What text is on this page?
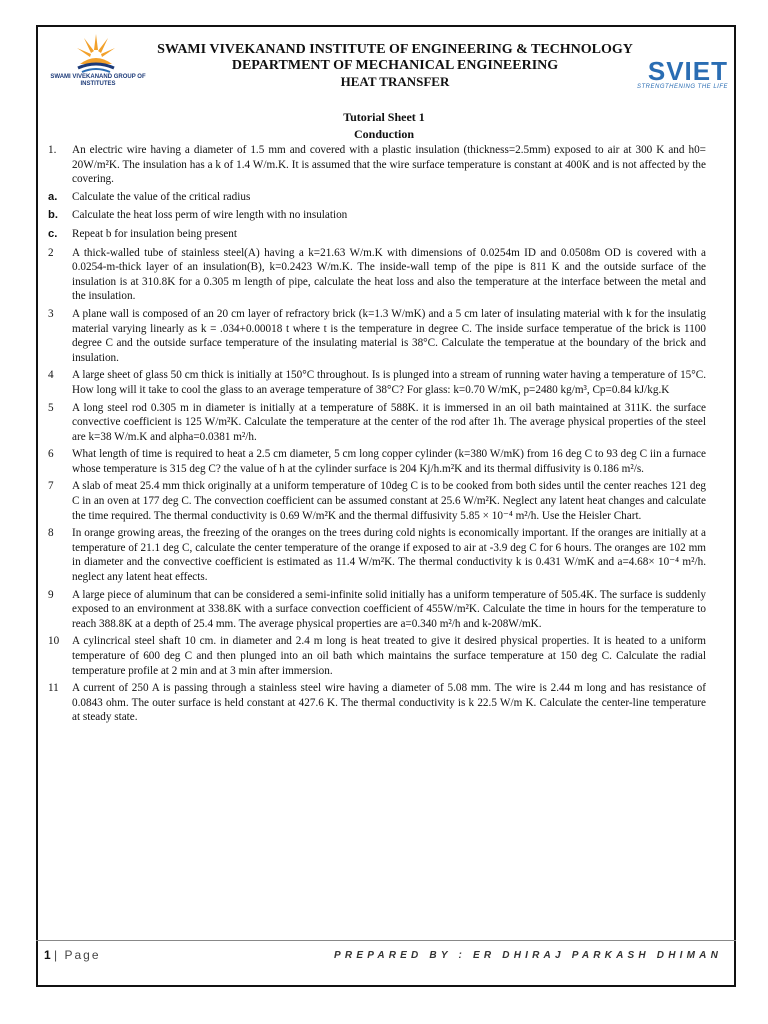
SWAMI VIVEKANAND GROUP OF INSTITUTES	SVIET
STRENGTHENING THE LIFE
SWAMI VIVEKANAND INSTITUTE OF ENGINEERING & TECHNOLOGY
DEPARTMENT OF MECHANICAL ENGINEERING
HEAT TRANSFER
Tutorial Sheet 1
Conduction
1.	An electric wire having a diameter of 1.5 mm and covered with a plastic insulation (thickness=2.5mm) exposed to air at 300 K and h0= 20W/m²K. The insulation has a k of 1.4 W/m.K. It is assumed that the wire surface temperature is constant at 400K and is not affected by the covering.
a.	Calculate the value of the critical radius
b.	Calculate the heat loss perm of wire length with no insulation
c.	Repeat b for insulation being present
2	A thick-walled tube of stainless steel(A) having a k=21.63 W/m.K with dimensions of 0.0254m ID and 0.0508m OD is covered with a 0.0254-m-thick layer of an insulation(B), k=0.2423 W/m.K. The inside-wall temp of the pipe is 811 K and the outside surface of the insulation is at 310.8K for a 0.305 m length of pipe, calculate the heat loss and also the temperature at the interface between the metal and the insulation.
3	A plane wall is composed of an 20 cm layer of refractory brick (k=1.3 W/mK) and a 5 cm later of insulating material with k for the insulatig material varying linearly as k = .034+0.00018 t where t is the temperature in degree C. The inside surface temperatue of the brick is 1100 degree C and the outside surface temperature of the insulating material is 38°C. Calculate the temperatue at the boundary of the brick and insulation.
4	A large sheet of glass 50 cm thick is initially at 150°C throughout. Is is plunged into a stream of running water having a temperature of 15°C. How long will it take to cool the glass to an average temperature of 38°C? For glass: k=0.70 W/mK, p=2480 kg/m³, Cp=0.84 kJ/kg.K
5	A long steel rod 0.305 m in diameter is initially at a temperature of 588K. it is immersed in an oil bath maintained at 311K. the surface convective coefficient is 125 W/m²K. Calculate the temperature at the center of the rod after 1h. The average physical properties of the steel are k=38 W/m.K and alpha=0.0381 m²/h.
6	What length of time is required to heat a 2.5 cm diameter, 5 cm long copper cylinder (k=380 W/mK) from 16 deg C to 93 deg C iin a furnace whose temperature is 315 deg C? the value of h at the cylinder surface is 204 Kj/h.m²K and its thermal diffusivity is 0.186 m²/s.
7	A slab of meat 25.4 mm thick originally at a uniform temperature of 10deg C is to be cooked from both sides until the center reaches 121 deg C in an oven at 177 deg C. The convection coefficient can be assumed constant at 25.6 W/m²K. Neglect any latent heat changes and calculate the time required. The thermal conductivity is 0.69 W/m²K and the thermal diffusivity 5.85 × 10⁻⁴ m²/h. Use the Heisler Chart.
8	In orange growing areas, the freezing of the oranges on the trees during cold nights is economically important. If the oranges are initially at a temperature of 21.1 deg C, calculate the center temperature of the orange if exposed to air at -3.9 deg C for 6 hours. The oranges are 102 mm in diameter and the convective coefficient is estimated as 11.4 W/m²K. The thermal conductivity k is 0.431 W/mK and a=4.68× 10⁻⁴ m²/h. neglect any latent heat effects.
9	A large piece of aluminum that can be considered a semi-infinite solid initially has a uniform temperature of 505.4K. The surface is suddenly exposed to an environment at 338.8K with a surface convection coefficient of 455W/m²K. Calculate the time in hours for the temperature to reach 388.8K at a depth of 25.4 mm. The average physical properties are a=0.340 m²/h and k-208W/mK.
10	A cylincrical steel shaft 10 cm. in diameter and 2.4 m long is heat treated to give it desired physical properties. It is heated to a uniform temperature of 600 deg C and then plunged into an oil bath which maintains the surface temperature at 150 deg C. Calculate the radial temperature profile at 2 min and at 3 min after immersion.
11	A current of 250 A is passing through a stainless steel wire having a diameter of 5.08 mm. The wire is 2.44 m long and has resistance of 0.0843 ohm. The outer surface is held constant at 427.6 K. The thermal conductivity is k 22.5 W/m K. Calculate the center-line temperature at steady state.
1 | Page	PREPARED BY : ER DHIRAJ PARKASH DHIMAN
